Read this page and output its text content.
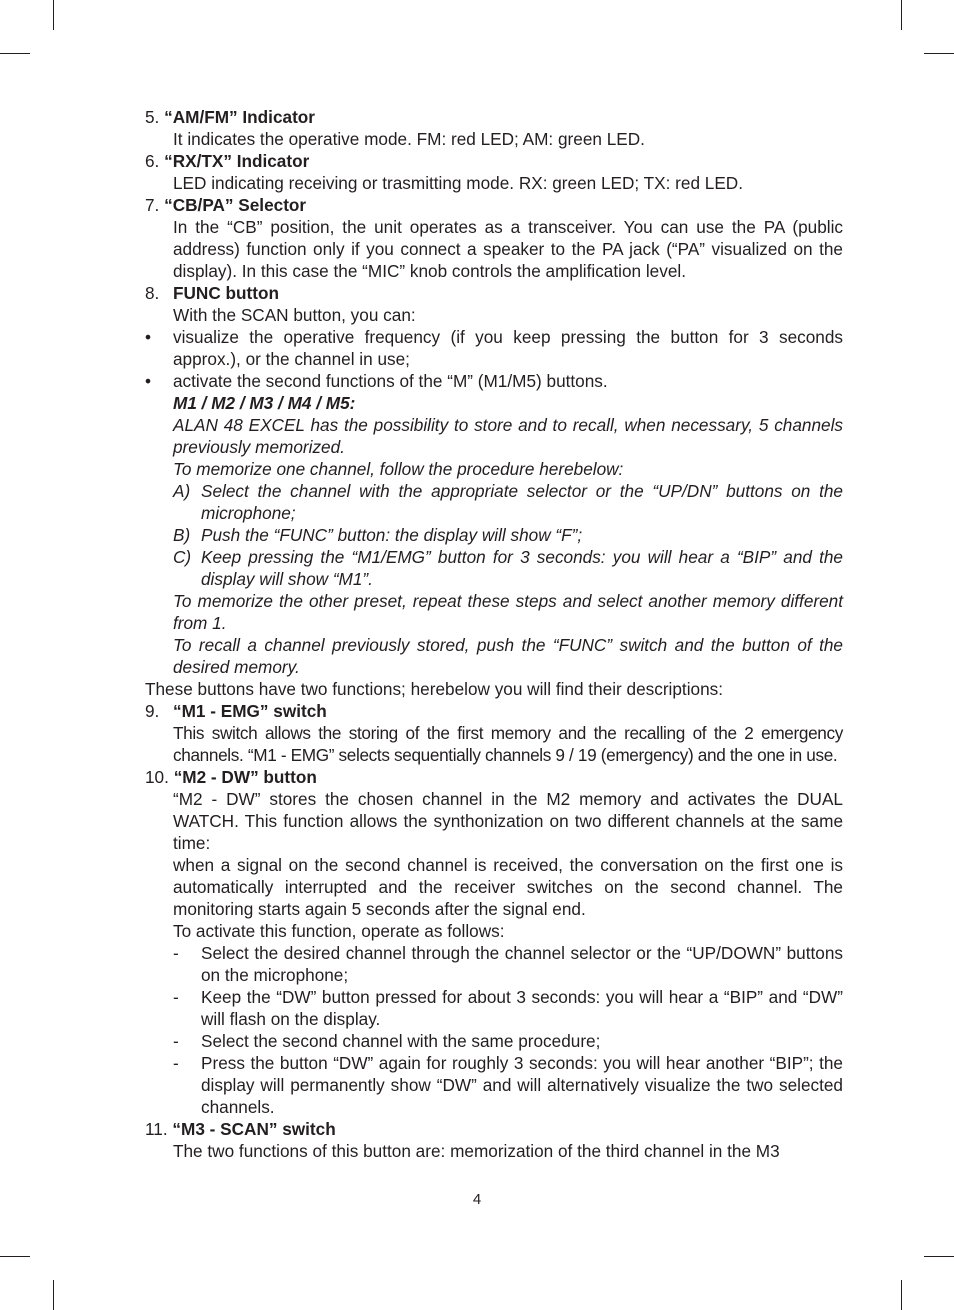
5. “AM/FM” Indicator
It indicates the operative mode. FM: red LED; AM: green LED.
6. “RX/TX” Indicator
LED indicating receiving or trasmitting mode. RX: green LED; TX: red LED.
7. “CB/PA” Selector
In the “CB” position, the unit operates as a transceiver. You can use the PA (public address) function only if you connect a speaker to the PA jack (“PA” visualized on the display). In this case the “MIC” knob controls the amplification level.
8. FUNC button
With the SCAN button, you can:
• visualize the operative frequency (if you keep pressing the button for 3 seconds approx.), or the channel in use;
• activate the second functions of the “M” (M1/M5) buttons.
M1 / M2 / M3 / M4 / M5:
ALAN 48 EXCEL has the possibility to store and to recall, when necessary, 5 channels previously memorized.
To memorize one channel, follow the procedure herebelow:
A) Select the channel with the appropriate selector or the “UP/DN” buttons on the microphone;
B) Push the “FUNC” button: the display will show “F”;
C) Keep pressing the “M1/EMG” button for 3 seconds: you will hear a “BIP” and the display will show “M1”.
To memorize the other preset, repeat these steps and select another memory different from 1.
To recall a channel previously stored, push the “FUNC” switch and the button of the desired memory.
These buttons have two functions; herebelow you will find their descriptions:
9. “M1 - EMG” switch
This switch allows the storing of the first memory and the recalling of the 2 emergency channels. “M1 - EMG” selects sequentially channels 9 / 19 (emergency) and the one in use.
10. “M2 - DW” button
“M2 - DW” stores the chosen channel in the M2 memory and activates the DUAL WATCH. This function allows the synthonization on two different channels at the same time:
when a signal on the second channel is received, the conversation on the first one is automatically interrupted and the receiver switches on the second channel. The monitoring starts again 5 seconds after the signal end.
To activate this function, operate as follows:
- Select the desired channel through the channel selector or the “UP/DOWN” buttons on the microphone;
- Keep the “DW” button pressed for about 3 seconds: you will hear a “BIP” and “DW” will flash on the display.
- Select the second channel with the same procedure;
- Press the button “DW” again for roughly 3 seconds: you will hear another “BIP”; the display will permanently show “DW” and will alternatively visualize the two selected channels.
11. “M3 - SCAN” switch
The two functions of this button are: memorization of the third channel in the M3
4
